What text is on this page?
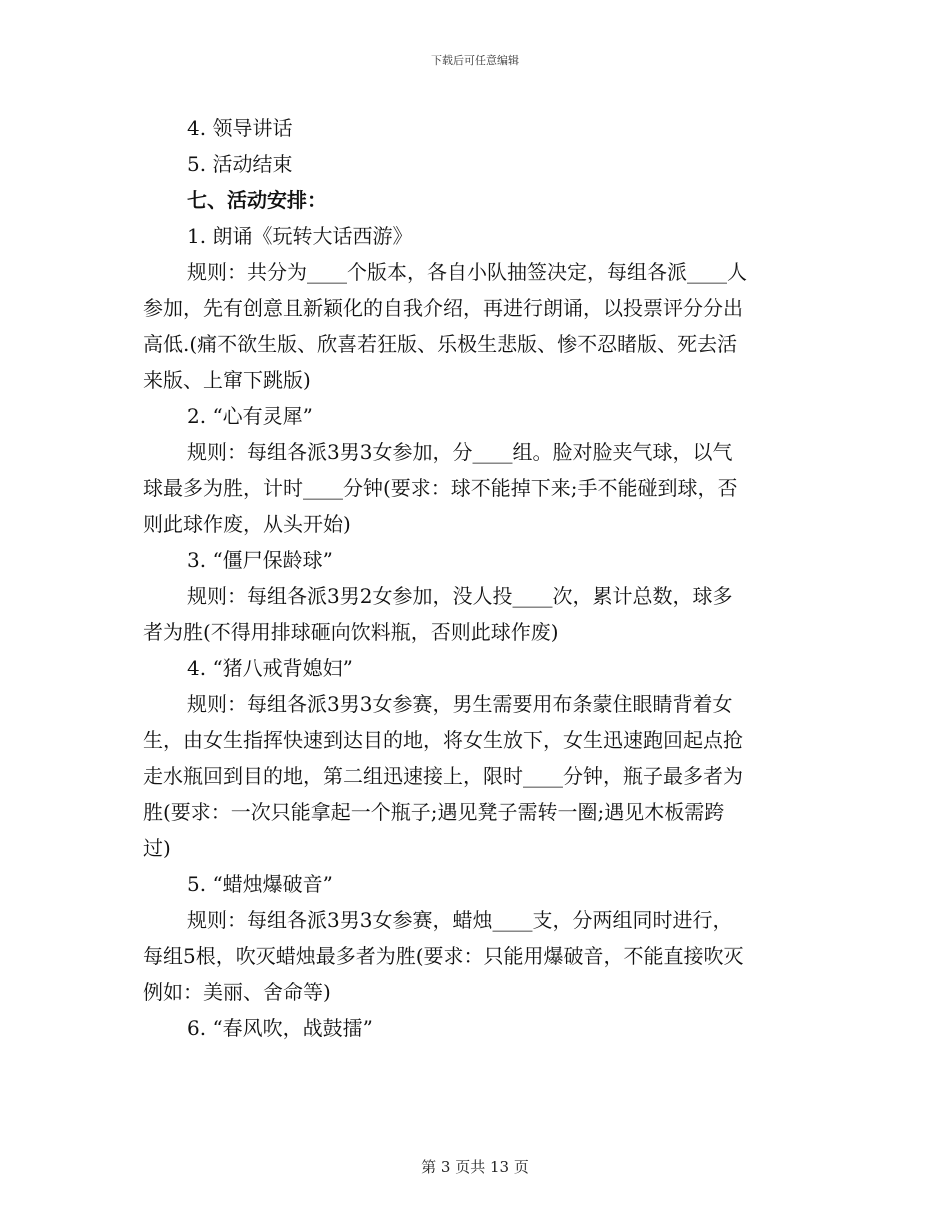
下载后可任意编辑
4. 领导讲话
5. 活动结束
七、活动安排：
1. 朗诵《玩转大话西游》
规则：共分为____个版本，各自小队抽签决定，每组各派____人
参加，先有创意且新颖化的自我介绍，再进行朗诵，以投票评分分出
高低.(痛不欲生版、欣喜若狂版、乐极生悲版、惨不忍睹版、死去活
来版、上窜下跳版)
2. “心有灵犀”
规则：每组各派3男3女参加，分____组。脸对脸夹气球，以气
球最多为胜，计时____分钟(要求：球不能掉下来;手不能碰到球，否
则此球作废，从头开始)
3. “僵尸保龄球”
规则：每组各派3男2女参加，没人投____次，累计总数，球多
者为胜(不得用排球砸向饮料瓶，否则此球作废)
4. “猪八戒背媳妇”
规则：每组各派3男3女参赛，男生需要用布条蒙住眼睛背着女
生，由女生指挥快速到达目的地，将女生放下，女生迅速跑回起点抢
走水瓶回到目的地，第二组迅速接上，限时____分钟，瓶子最多者为
胜(要求：一次只能拿起一个瓶子;遇见凳子需转一圈;遇见木板需跨
过)
5. “蜡烛爆破音”
规则：每组各派3男3女参赛，蜡烛____支，分两组同时进行，
每组5根，吹灭蜡烛最多者为胜(要求：只能用爆破音，不能直接吹灭
例如：美丽、舍命等)
6. “春风吹，战鼓擂”
第 3 页共 13 页
